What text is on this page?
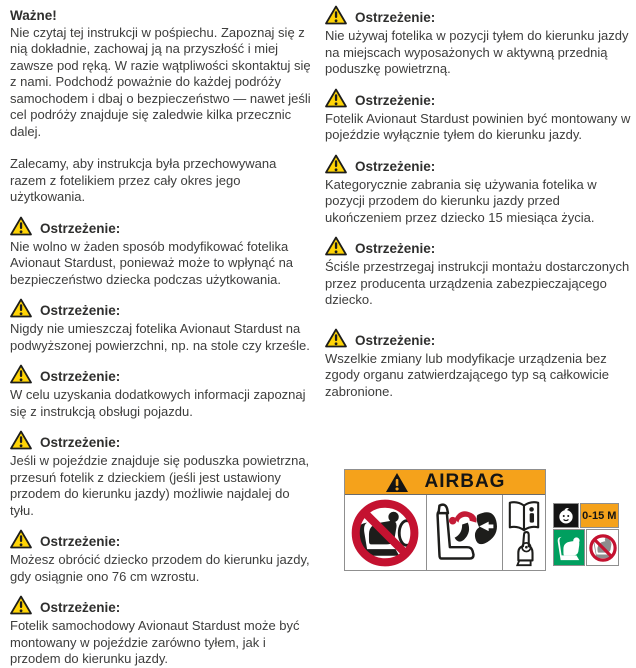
Ważne!

Nie czytaj tej instrukcji w pośpiechu. Zapoznaj się z nią dokładnie, zachowaj ją na przyszłość i miej zawsze pod ręką. W razie wątpliwości skontaktuj się z nami. Podchodź poważnie do każdej podróży samochodem i dbaj o bezpieczeństwo — nawet jeśli cel podróży znajduje się zaledwie kilka przecznic dalej.

Zalecamy, aby instrukcja była przechowywana razem z fotelikiem przez cały okres jego użytkowania.

Ostrzeżenie:

Nie wolno w żaden sposób modyfikować fotelika Avionaut Stardust, ponieważ może to wpłynąć na bezpieczeństwo dziecka podczas użytkowania.

Ostrzeżenie:

Nigdy nie umieszczaj fotelika Avionaut Stardust na podwyższonej powierzchni, np. na stole czy krześle.

Ostrzeżenie:

W celu uzyskania dodatkowych informacji zapoznaj się z instrukcją obsługi pojazdu.

Ostrzeżenie:

Jeśli w pojeździe znajduje się poduszka powietrzna, przesuń fotelik z dzieckiem (jeśli jest ustawiony przodem do kierunku jazdy) możliwie najdalej do tyłu.

Ostrzeżenie:

Możesz obrócić dziecko przodem do kierunku jazdy, gdy osiągnie ono 76 cm wzrostu.

Ostrzeżenie:

Fotelik samochodowy Avionaut Stardust może być montowany w pojeździe zarówno tyłem, jak i przodem do kierunku jazdy.

Ostrzeżenie:

Nie używaj fotelika w pozycji tyłem do kierunku jazdy na miejscach wyposażonych w aktywną przednią poduszkę powietrzną.

Ostrzeżenie:

Fotelik Avionaut Stardust powinien być montowany w pojeździe wyłącznie tyłem do kierunku jazdy.

Ostrzeżenie:

Kategorycznie zabrania się używania fotelika w pozycji przodem do kierunku jazdy przed ukończeniem przez dziecko 15 miesiąca życia.

Ostrzeżenie:

Ściśle przestrzegaj instrukcji montażu dostarczonych przez producenta urządzenia zabezpieczającego dziecko.

Ostrzeżenie:

Wszelkie zmiany lub modyfikacje urządzenia bez zgody organu zatwierdzającego typ są całkowicie zabronione.

AIRBAG
0-15 M
